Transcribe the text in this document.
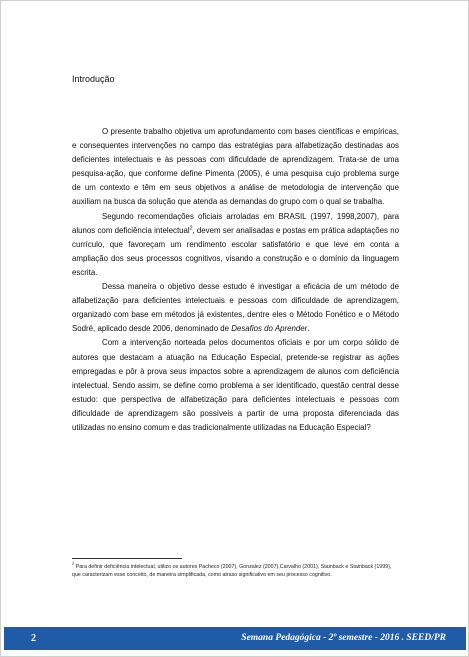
Introdução

O presente trabalho objetiva um aprofundamento com bases científicas e empíricas, e consequentes intervenções no campo das estratégias para alfabetização destinadas aos deficientes intelectuais e às pessoas com dificuldade de aprendizagem. Trata-se de uma pesquisa-ação, que conforme define Pimenta (2005), é uma pesquisa cujo problema surge de um contexto e têm em seus objetivos a análise de metodologia de intervenção que auxiliam na busca da solução que atenda as demandas do grupo com o qual se trabalha.

Segundo recomendações oficiais arroladas em BRASIL (1997, 1998,2007), para alunos com deficiência intelectual$^2$, devem ser analisadas e postas em prática adaptações no currículo, que favoreçam um rendimento escolar satisfatório e que leve em conta a ampliação dos seus processos cognitivos, visando a construção e o domínio da linguagem escrita.

Dessa maneira o objetivo desse estudo é investigar a eficácia de um método de alfabetização para deficientes intelectuais e pessoas com dificuldade de aprendizagem, organizado com base em métodos já existentes, dentre eles o Método Fonético e o Método Sodré, aplicado desde 2006, denominado de Desafios do Aprender.

Com a intervenção norteada pelos documentos oficiais e por um corpo sólido de autores que destacam a atuação na Educação Especial, pretende-se registrar as ações empregadas e pôr à prova seus impactos sobre a aprendizagem de alunos com deficiência intelectual. Sendo assim, se define como problema a ser identificado, questão central desse estudo: que perspectiva de alfabetização para deficientes intelectuais e pessoas com dificuldade de aprendizagem são possíveis a partir de uma proposta diferenciada das utilizadas no ensino comum e das tradicionalmente utilizadas na Educação Especial?

$^2$ Para definir deficiência intelectual, utilizo os autores Pacheco (2007), Gonzalez (2007),Carvalho (2001), Stainback e Stainback (1999), que caracterizam esse conceito, de maneira simplificada, como atraso significativo em seu processo cognitivo.
2	Semana Pedagógica - 2º semestre - 2016 . SEED/PR
